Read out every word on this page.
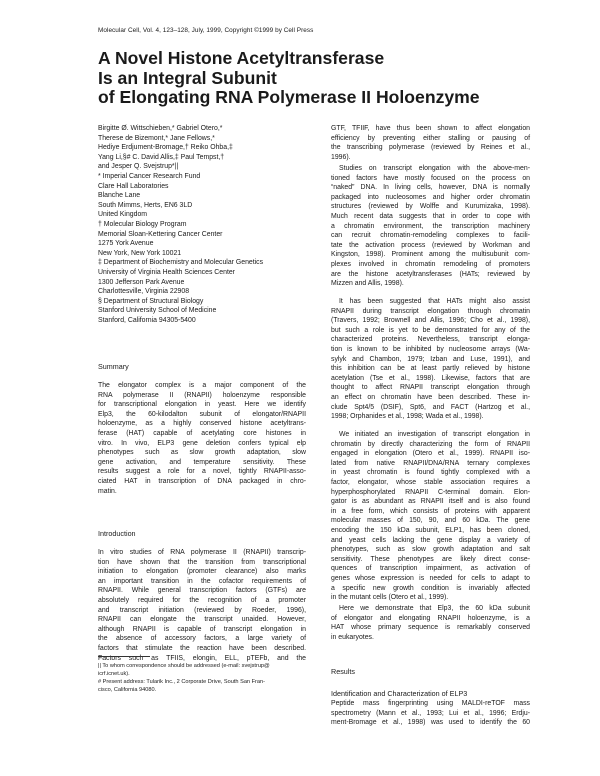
Molecular Cell, Vol. 4, 123–128, July, 1999, Copyright ©1999 by Cell Press
A Novel Histone Acetyltransferase
Is an Integral Subunit
of Elongating RNA Polymerase II Holoenzyme
Birgitte Ø. Wittschieben,* Gabriel Otero,*
Therese de Bizemont,* Jane Fellows,*
Hediye Erdjument-Bromage,† Reiko Ohba,‡
Yang Li,§# C. David Allis,‡ Paul Tempst,†
and Jesper Q. Svejstrup*||
* Imperial Cancer Research Fund
Clare Hall Laboratories
Blanche Lane
South Mimms, Herts, EN6 3LD
United Kingdom
† Molecular Biology Program
Memorial Sloan-Kettering Cancer Center
1275 York Avenue
New York, New York 10021
‡ Department of Biochemistry and Molecular Genetics
University of Virginia Health Sciences Center
1300 Jefferson Park Avenue
Charlottesville, Virginia 22908
§ Department of Structural Biology
Stanford University School of Medicine
Stanford, California 94305-5400
Summary
The elongator complex is a major component of the
RNA polymerase II (RNAPII) holoenzyme responsible
for transcriptional elongation in yeast. Here we identify
Elp3, the 60-kilodalton subunit of elongator/RNAPII
holoenzyme, as a highly conserved histone acetyltrans-
ferase (HAT) capable of acetylating core histones in
vitro. In vivo, ELP3 gene deletion confers typical elp
phenotypes such as slow growth adaptation, slow
gene activation, and temperature sensitivity. These
results suggest a role for a novel, tightly RNAPII-asso-
ciated HAT in transcription of DNA packaged in chro-
matin.
Introduction
In vitro studies of RNA polymerase II (RNAPII) transcrip-
tion have shown that the transition from transcriptional
initiation to elongation (promoter clearance) also marks
an important transition in the cofactor requirements of
RNAPII. While general transcription factors (GTFs) are
absolutely required for the recognition of a promoter
and transcript initiation (reviewed by Roeder, 1996),
RNAPII can elongate the transcript unaided. However,
although RNAPII is capable of transcript elongation in
the absence of accessory factors, a large variety of
factors that stimulate the reaction have been described.
Factors such as TFIIS, elongin, ELL, pTEFb, and the
|| To whom correspondence should be addressed (e-mail: svejstrup@
icrf.icnet.uk).
# Present address: Tularik Inc., 2 Corporate Drive, South San Fran-
cisco, California 94080.
GTF, TFIIF, have thus been shown to affect elongation
efficiency by preventing either stalling or pausing of
the transcribing polymerase (reviewed by Reines et al.,
1996).
Studies on transcript elongation with the above-men-
tioned factors have mostly focused on the process on
“naked” DNA. In living cells, however, DNA is normally
packaged into nucleosomes and higher order chromatin
structures (reviewed by Wolffe and Kurumizaka, 1998).
Much recent data suggests that in order to cope with
a chromatin environment, the transcription machinery
can recruit chromatin-remodeling complexes to facili-
tate the activation process (reviewed by Workman and
Kingston, 1998). Prominent among the multisubunit com-
plexes involved in chromatin remodeling of promoters
are the histone acetyltransferases (HATs; reviewed by
Mizzen and Allis, 1998).
It has been suggested that HATs might also assist
RNAPII during transcript elongation through chromatin
(Travers, 1992; Brownell and Allis, 1996; Cho et al., 1998),
but such a role is yet to be demonstrated for any of the
characterized proteins. Nevertheless, transcript elonga-
tion is known to be inhibited by nucleosome arrays (Wa-
sylyk and Chambon, 1979; Izban and Luse, 1991), and
this inhibition can be at least partly relieved by histone
acetylation (Tse et al., 1998). Likewise, factors that are
thought to affect RNAPII transcript elongation through
an effect on chromatin have been described. These in-
clude Spt4/5 (DSIF), Spt6, and FACT (Hartzog et al.,
1998; Orphanides et al., 1998; Wada et al., 1998).
We initiated an investigation of transcript elongation in
chromatin by directly characterizing the form of RNAPII
engaged in elongation (Otero et al., 1999). RNAPII iso-
lated from native RNAPII/DNA/RNA ternary complexes
in yeast chromatin is found tightly complexed with a
factor, elongator, whose stable association requires a
hyperphosphorylated RNAPII C-terminal domain. Elon-
gator is as abundant as RNAPII itself and is also found
in a free form, which consists of proteins with apparent
molecular masses of 150, 90, and 60 kDa. The gene
encoding the 150 kDa subunit, ELP1, has been cloned,
and yeast cells lacking the gene display a variety of
phenotypes, such as slow growth adaptation and salt
sensitivity. These phenotypes are likely direct conse-
quences of transcription impairment, as activation of
genes whose expression is needed for cells to adapt to
a specific new growth condition is invariably affected
in the mutant cells (Otero et al., 1999).
Here we demonstrate that Elp3, the 60 kDa subunit
of elongator and elongating RNAPII holoenzyme, is a
HAT whose primary sequence is remarkably conserved
in eukaryotes.
Results
Identification and Characterization of ELP3
Peptide mass fingerprinting using MALDI-reTOF mass
spectrometry (Mann et al., 1993; Lui et al., 1996; Erdju-
ment-Bromage et al., 1998) was used to identify the 60
